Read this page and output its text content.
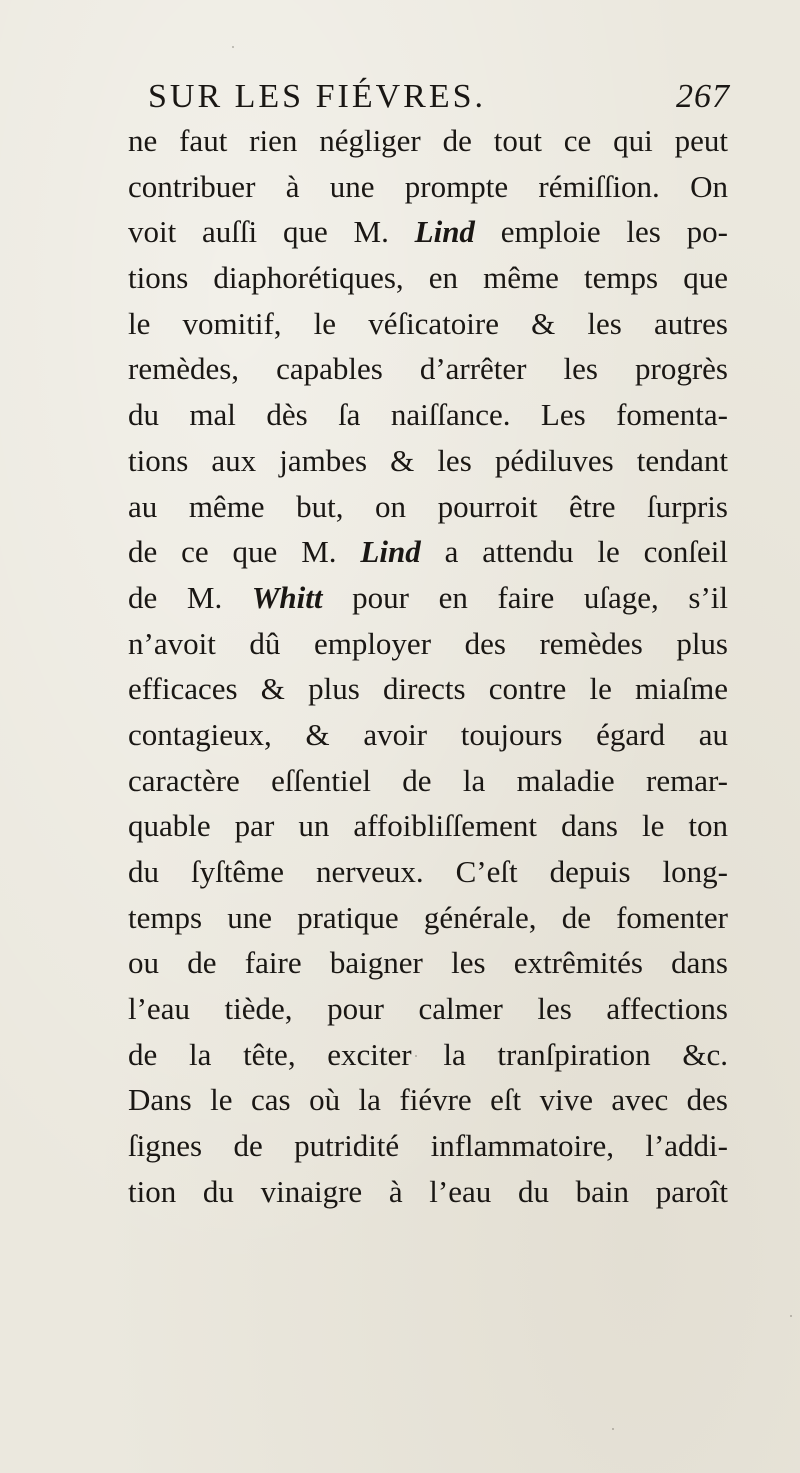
SUR LES FIÉVRES.	267
ne faut rien négliger de tout ce qui peut
contribuer à une prompte rémiſſion. On
voit auſſi que M. Lind emploie les po-
tions diaphorétiques, en même temps que
le vomitif, le véſicatoire & les autres
remèdes, capables d’arrêter les progrès
du mal dès ſa naiſſance. Les fomenta-
tions aux jambes & les pédiluves tendant
au même but, on pourroit être ſurpris
de ce que M. Lind a attendu le conſeil
de M. Whitt pour en faire uſage, s’il
n’avoit dû employer des remèdes plus
efficaces & plus directs contre le miaſme
contagieux, & avoir toujours égard au
caractère eſſentiel de la maladie remar-
quable par un affoibliſſement dans le ton
du ſyſtême nerveux. C’eſt depuis long-
temps une pratique générale, de fomenter
ou de faire baigner les extrêmités dans
l’eau tiède, pour calmer les affections
de la tête, exciter la tranſpiration &c.
Dans le cas où la fiévre eſt vive avec des
ſignes de putridité inflammatoire, l’addi-
tion du vinaigre à l’eau du bain paroît
